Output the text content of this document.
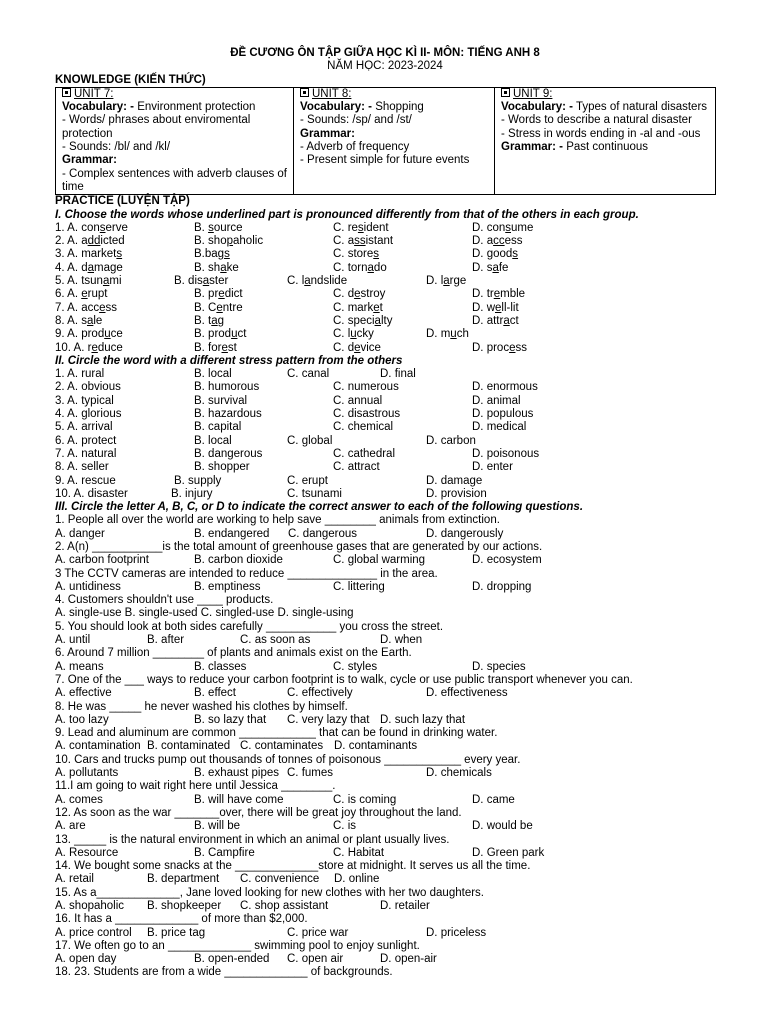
ĐỀ CƯƠNG ÔN TẬP GIỮA HỌC KÌ II- MÔN: TIẾNG ANH 8
NĂM HỌC: 2023-2024
KNOWLEDGE (KIẾN THỨC)
UNIT 7:
Vocabulary: - Environment protection
- Words/ phrases about enviromental protection
- Sounds: /bl/ and /kl/
Grammar:
- Complex sentences with adverb clauses of time

UNIT 8:
Vocabulary: - Shopping
- Sounds: /sp/ and /st/
Grammar:
- Adverb of frequency
- Present simple for future events

UNIT 9:
Vocabulary: - Types of natural disasters
- Words to describe a natural disaster
- Stress in words ending in -al and -ous
Grammar: - Past continuous
PRACTICE (LUYỆN TẬP)
I. Choose the words whose underlined part is pronounced differently from that of the others in each group.
1. A. conserve	B. source	C. resident	D. consume
2. A. addicted	B. shopaholic	C. assistant	D. access
3. A. markets	B.bags	C. stores	D. goods
4. A. damage	B. shake	C. tornado	D. safe
5. A. tsunami	B. disaster	C. landslide	D. large
6. A. erupt	B. predict	C. destroy	D. tremble
7. A. access	B. Centre	C. market	D. well-lit
8. A. sale	B. tag	C. specialty	D. attract
9. A. produce	B. product	C. lucky	D. much
10. A. reduce	B. forest	C. device	D. process
II. Circle the word with a different stress pattern from the others
1. A. rural	B. local	C. canal	D. final
2. A. obvious	B. humorous	C. numerous	D. enormous
3. A. typical	B. survival	C. annual	D. animal
4. A. glorious	B. hazardous	C. disastrous	D. populous
5. A. arrival	B. capital	C. chemical	D. medical
6. A. protect	B. local	C. global	D. carbon
7. A. natural	B. dangerous	C. cathedral	D. poisonous
8. A. seller	B. shopper	C. attract	D. enter
9. A. rescue	B. supply	C. erupt	D. damage
10. A. disaster	B. injury	C. tsunami	D. provision
III. Circle the letter A, B, C, or D to indicate the correct answer to each of the following questions.
1. People all over the world are working to help save ________ animals from extinction.
A. danger	B. endangered C. dangerous	D. dangerously
2. A(n) ___________is the total amount of greenhouse gases that are generated by our actions.
A. carbon footprint	B. carbon dioxide	C. global warming	D. ecosystem
3 The CCTV cameras are intended to reduce ______________ in the area.
A. untidiness	B. emptiness	C. littering	D. dropping
4. Customers shouldn't use ____ products.
A. single-use B. single-used C. singled-use D. single-using
5. You should look at both sides carefully ___________ you cross the street.
A. until	B. after	C. as soon as	D. when
6. Around 7 million ________ of plants and animals exist on the Earth.
A. means	B. classes	C. styles	D. species
7. One of the ___ ways to reduce your carbon footprint is to walk, cycle or use public transport whenever you can.
A. effective	B. effect	C. effectively	D. effectiveness
8. He was _____ he never washed his clothes by himself.
A. too lazy	B. so lazy that C. very lazy that D. such lazy that
9. Lead and aluminum are common ____________ that can be found in drinking water.
A. contamination B. contaminated C. contaminates D. contaminants
10. Cars and trucks pump out thousands of tonnes of poisonous ____________ every year.
A. pollutants	B. exhaust pipes C. fumes	D. chemicals
11.I am going to wait right here until Jessica ________.
A. comes	B. will have come	C. is coming	D. came
12. As soon as the war _______over, there will be great joy throughout the land.
A. are	B. will be	C. is	D. would be
13. _____ is the natural environment in which an animal or plant usually lives.
A. Resource	B. Campfire	C. Habitat	D. Green park
14. We bought some snacks at the _____________store at midnight. It serves us all the time.
A. retail	B. department C. convenience D. online
15. As a_____________, Jane loved looking for new clothes with her two daughters.
A. shopaholic B. shopkeeper C. shop assistant	D. retailer
16. It has a _____________ of more than $2,000.
A. price control B. price tag	C. price war	D. priceless
17. We often go to an _____________ swimming pool to enjoy sunlight.
A. open day	B. open-ended C. open air	D. open-air
18. 23. Students are from a wide _____________ of backgrounds.
